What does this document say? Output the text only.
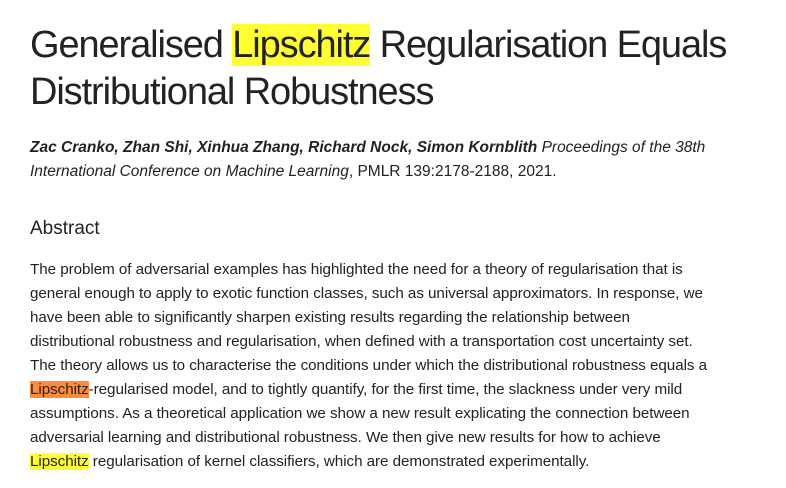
Generalised Lipschitz Regularisation Equals Distributional Robustness
Zac Cranko, Zhan Shi, Xinhua Zhang, Richard Nock, Simon Kornblith Proceedings of the 38th International Conference on Machine Learning, PMLR 139:2178-2188, 2021.
Abstract
The problem of adversarial examples has highlighted the need for a theory of regularisation that is
general enough to apply to exotic function classes, such as universal approximators. In response, we
have been able to significantly sharpen existing results regarding the relationship between
distributional robustness and regularisation, when defined with a transportation cost uncertainty set.
The theory allows us to characterise the conditions under which the distributional robustness equals a
Lipschitz-regularised model, and to tightly quantify, for the first time, the slackness under very mild
assumptions. As a theoretical application we show a new result explicating the connection between
adversarial learning and distributional robustness. We then give new results for how to achieve
Lipschitz regularisation of kernel classifiers, which are demonstrated experimentally.
